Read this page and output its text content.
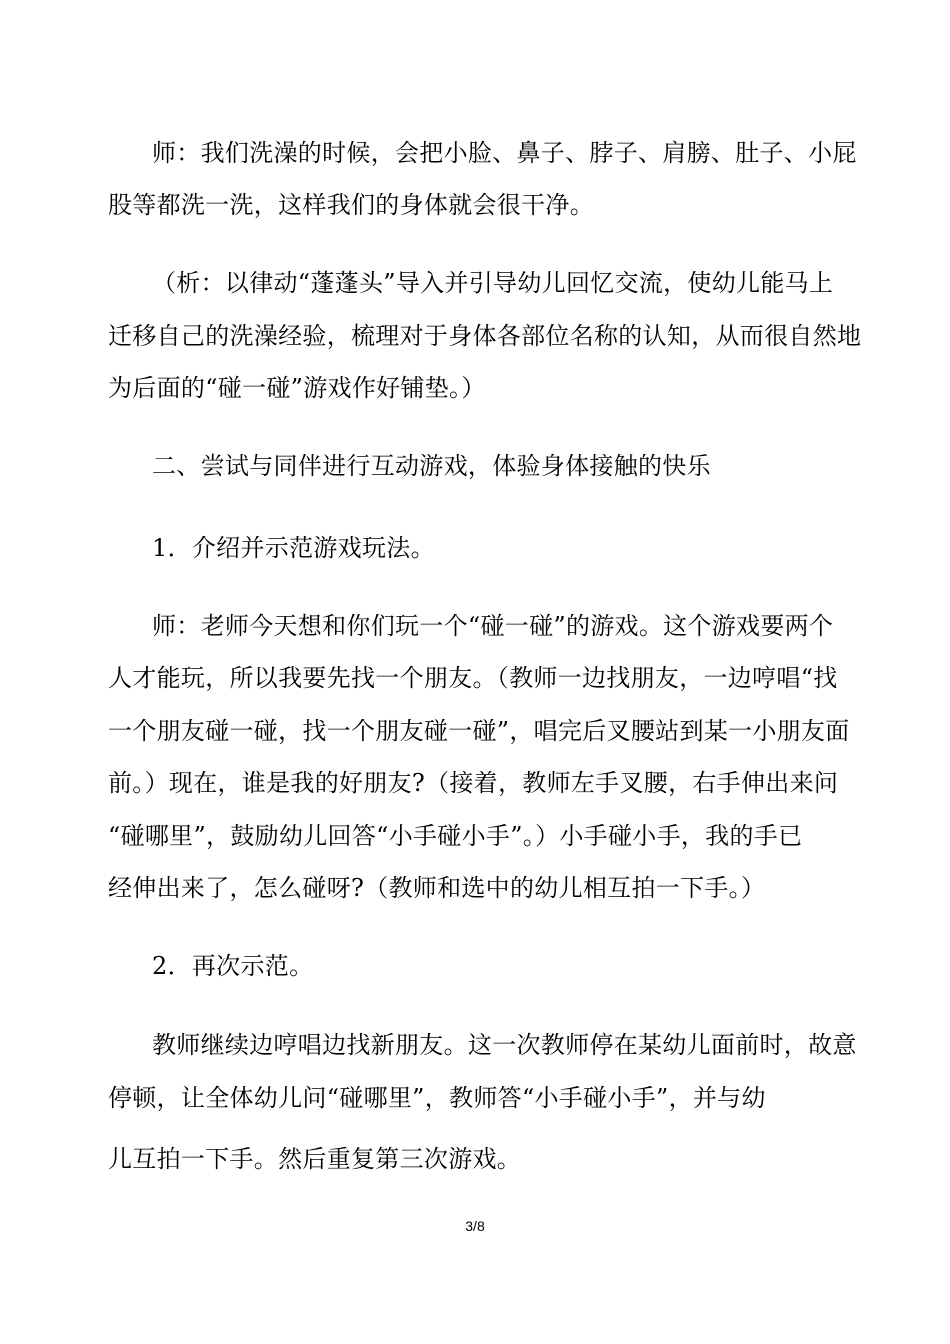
师：我们洗澡的时候，会把小脸、鼻子、脖子、肩膀、肚子、小屁
股等都洗一洗，这样我们的身体就会很干净。
（析：以律动“蓬蓬头”导入并引导幼儿回忆交流，使幼儿能马上
迁移自己的洗澡经验，梳理对于身体各部位名称的认知，从而很自然地
为后面的“碰一碰”游戏作好铺垫。）
二、尝试与同伴进行互动游戏，体验身体接触的快乐
1．介绍并示范游戏玩法。
师：老师今天想和你们玩一个“碰一碰”的游戏。这个游戏要两个
人才能玩，所以我要先找一个朋友。（教师一边找朋友，一边哼唱“找
一个朋友碰一碰，找一个朋友碰一碰”，唱完后叉腰站到某一小朋友面
前。）现在，谁是我的好朋友?（接着，教师左手叉腰，右手伸出来问
“碰哪里”，鼓励幼儿回答“小手碰小手”。）小手碰小手，我的手已
经伸出来了，怎么碰呀?（教师和选中的幼儿相互拍一下手。）
2．再次示范。
教师继续边哼唱边找新朋友。这一次教师停在某幼儿面前时，故意
停顿，让全体幼儿问“碰哪里”，教师答“小手碰小手”，并与幼
儿互拍一下手。然后重复第三次游戏。
3/8
